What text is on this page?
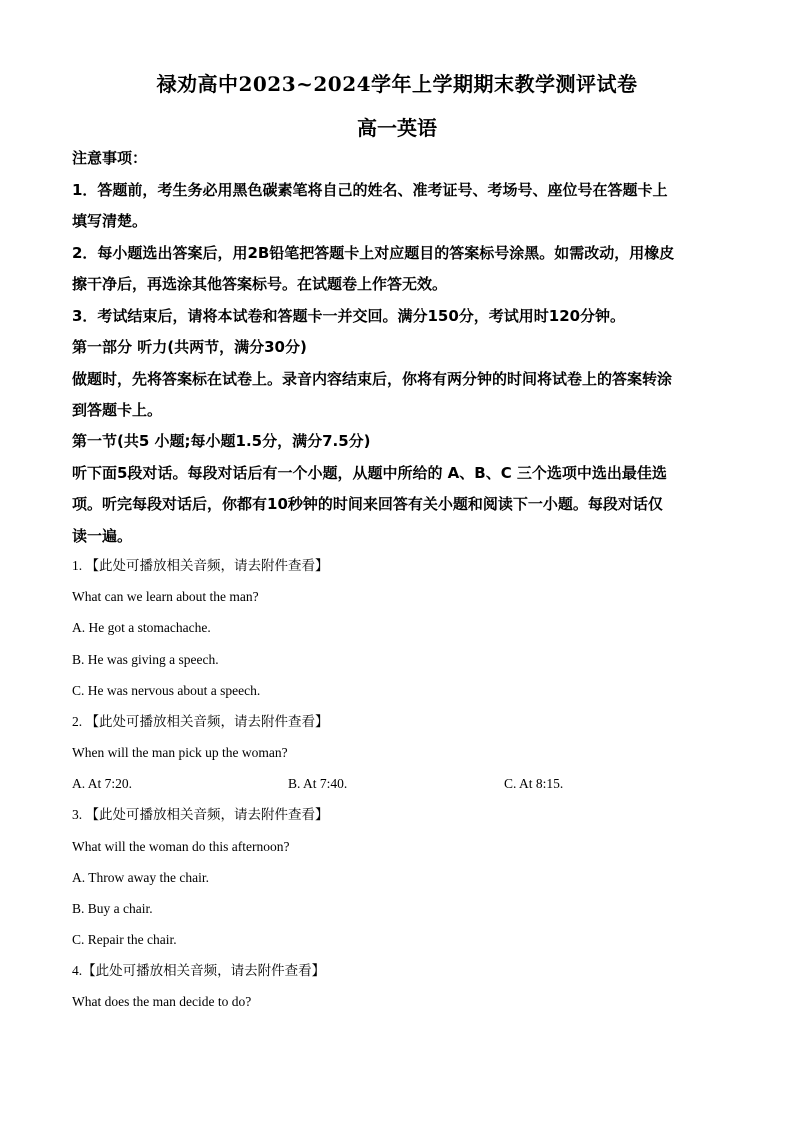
禄劝高中2023~2024学年上学期期末教学测评试卷
高一英语
注意事项：
1．答题前，考生务必用黑色碳素笔将自己的姓名、准考证号、考场号、座位号在答题卡上
填写清楚。
2．每小题选出答案后，用2B铅笔把答题卡上对应题目的答案标号涂黑。如需改动，用橡皮
擦干净后，再选涂其他答案标号。在试题卷上作答无效。
3．考试结束后，请将本试卷和答题卡一并交回。满分150分，考试用时120分钟。
第一部分 听力(共两节，满分30分)
做题时，先将答案标在试卷上。录音内容结束后，你将有两分钟的时间将试卷上的答案转涂
到答题卡上。
第一节(共5 小题;每小题1.5分，满分7.5分)
听下面5段对话。每段对话后有一个小题，从题中所给的 A、B、C 三个选项中选出最佳选
项。听完每段对话后，你都有10秒钟的时间来回答有关小题和阅读下一小题。每段对话仅
读一遍。
1. 【此处可播放相关音频，请去附件查看】
What can we learn about the man?
A. He got a stomachache.
B. He was giving a speech.
C. He was nervous about a speech.
2. 【此处可播放相关音频，请去附件查看】
When will the man pick up the woman?
A. At 7:20.	B. At 7:40.	C. At 8:15.
3. 【此处可播放相关音频，请去附件查看】
What will the woman do this afternoon?
A. Throw away the chair.
B. Buy a chair.
C. Repair the chair.
4.【此处可播放相关音频，请去附件查看】
What does the man decide to do?
